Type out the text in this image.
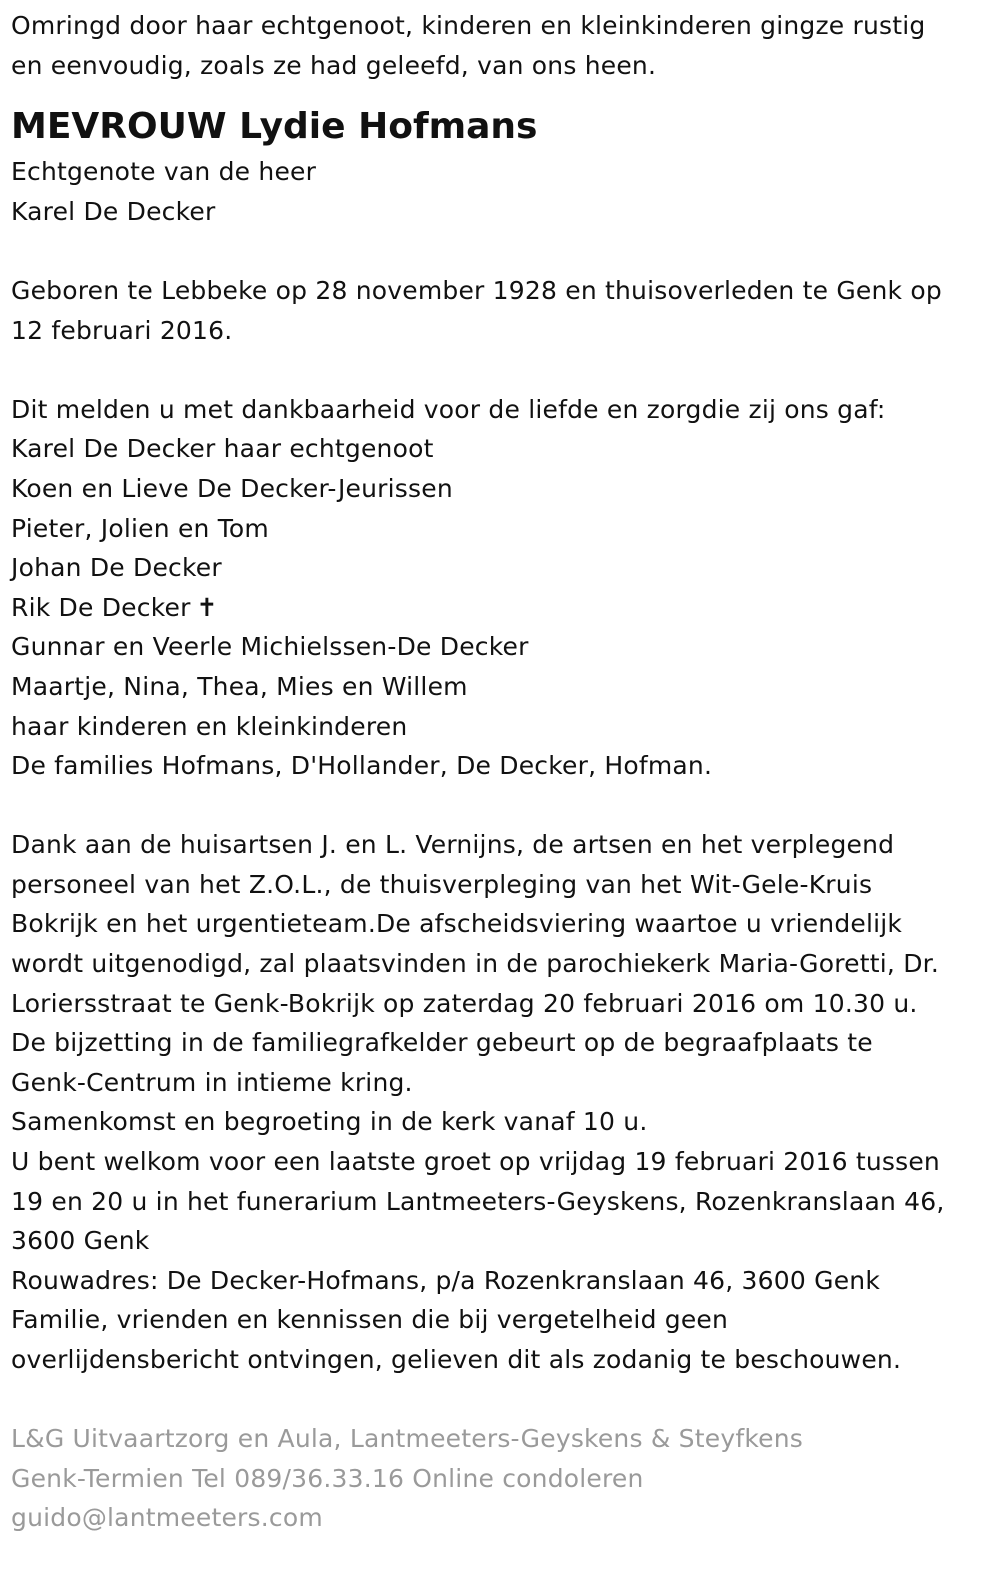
Omringd door haar echtgenoot, kinderen en kleinkinderen gingze rustig
en eenvoudig, zoals ze had geleefd, van ons heen.
MEVROUW Lydie Hofmans
Echtgenote van de heer
Karel De Decker
Geboren te Lebbeke op 28 november 1928 en thuisoverleden te Genk op
12 februari 2016.
Dit melden u met dankbaarheid voor de liefde en zorgdie zij ons gaf:
Karel De Decker haar echtgenoot
Koen en Lieve De Decker-Jeurissen
Pieter, Jolien en Tom
Johan De Decker
Rik De Decker ✝
Gunnar en Veerle Michielssen-De Decker
Maartje, Nina, Thea, Mies en Willem
haar kinderen en kleinkinderen
De families Hofmans, D'Hollander, De Decker, Hofman.
Dank aan de huisartsen J. en L. Vernijns, de artsen en het verplegend
personeel van het Z.O.L., de thuisverpleging van het Wit-Gele-Kruis
Bokrijk en het urgentieteam.De afscheidsviering waartoe u vriendelijk
wordt uitgenodigd, zal plaatsvinden in de parochiekerk Maria-Goretti, Dr.
Loriersstraat te Genk-Bokrijk op zaterdag 20 februari 2016 om 10.30 u.
De bijzetting in de familiegrafkelder gebeurt op de begraafplaats te
Genk-Centrum in intieme kring.
Samenkomst en begroeting in de kerk vanaf 10 u.
U bent welkom voor een laatste groet op vrijdag 19 februari 2016 tussen
19 en 20 u in het funerarium Lantmeeters-Geyskens, Rozenkranslaan 46,
3600 Genk
Rouwadres: De Decker-Hofmans, p/a Rozenkranslaan 46, 3600 Genk
Familie, vrienden en kennissen die bij vergetelheid geen
overlijdensbericht ontvingen, gelieven dit als zodanig te beschouwen.
L&G Uitvaartzorg en Aula, Lantmeeters-Geyskens & Steyfkens
Genk-Termien Tel 089/36.33.16 Online condoleren
guido@lantmeeters.com
